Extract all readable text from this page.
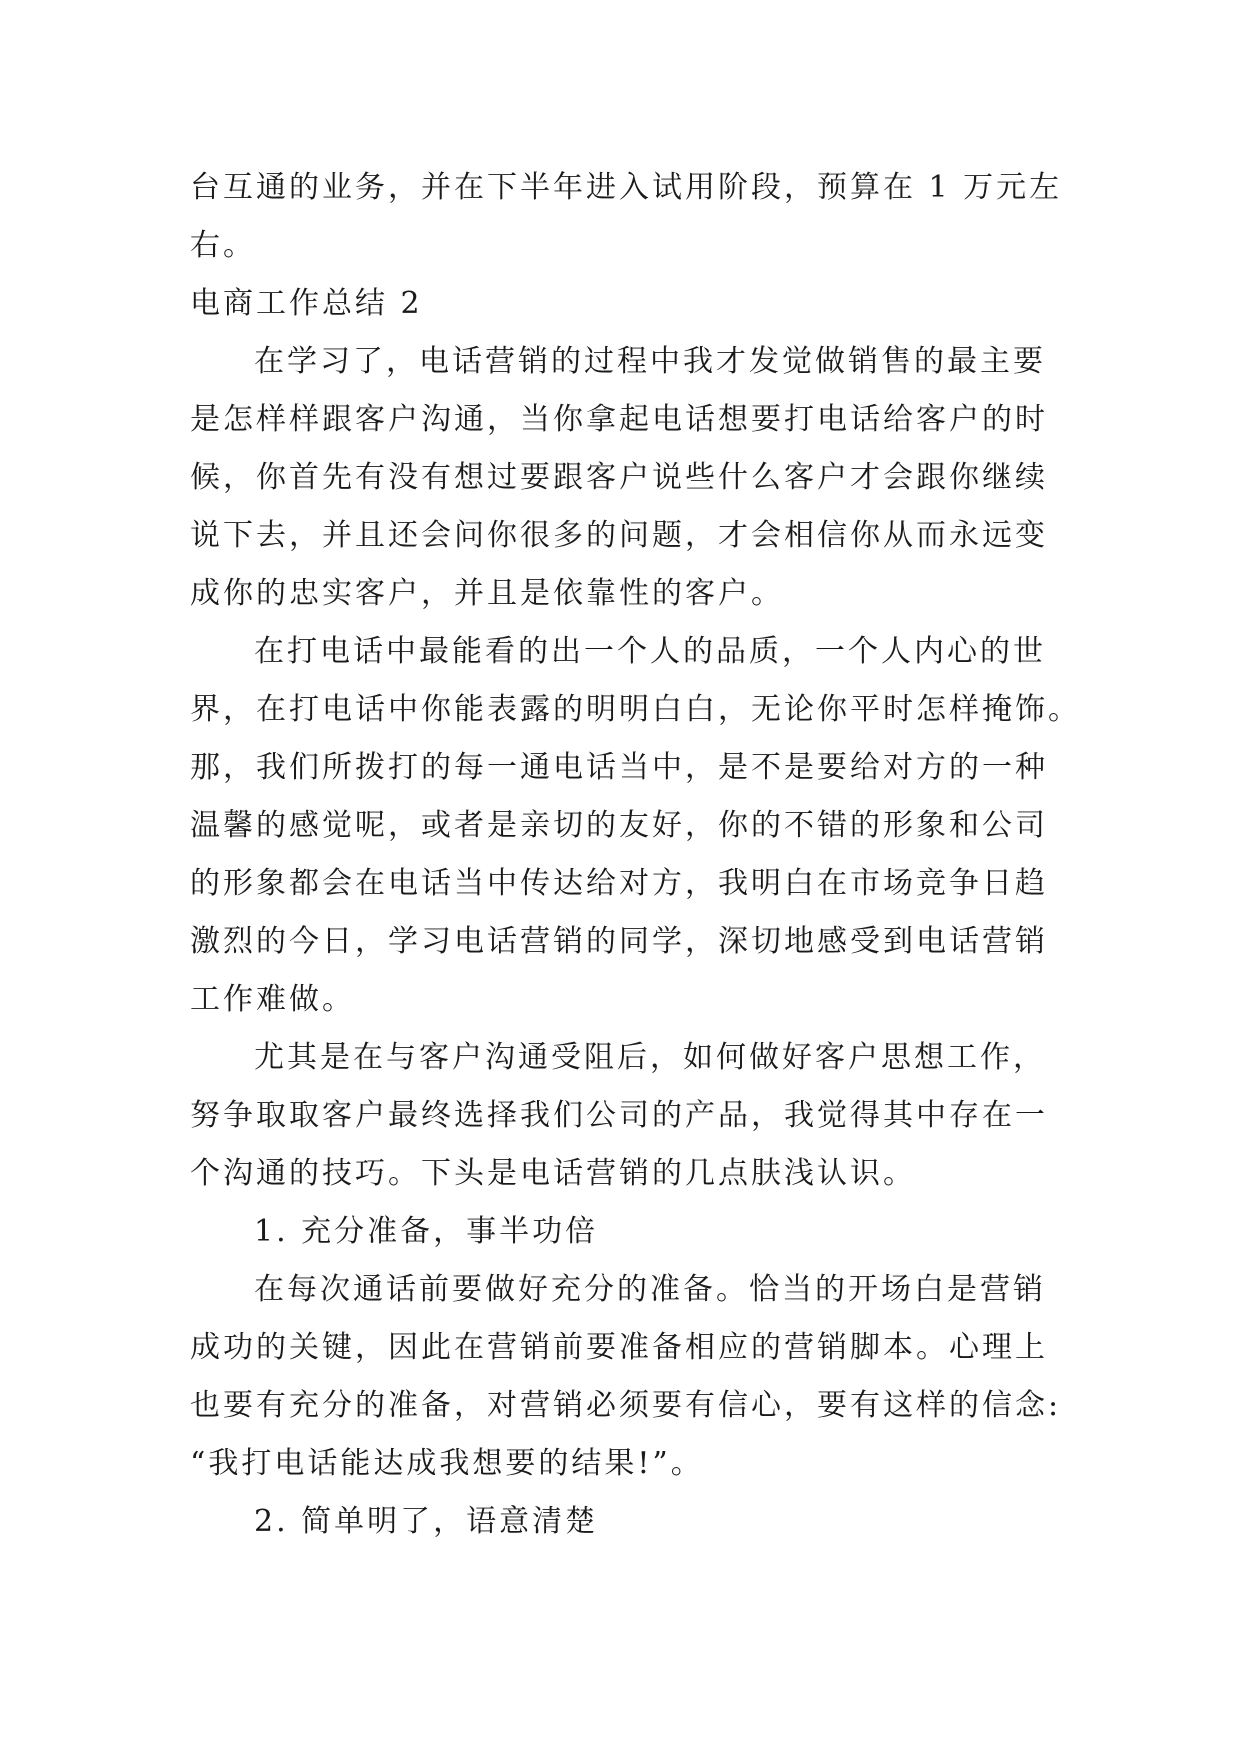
台互通的业务，并在下半年进入试用阶段，预算在 1 万元左
右。
电商工作总结 2
在学习了，电话营销的过程中我才发觉做销售的最主要
是怎样样跟客户沟通，当你拿起电话想要打电话给客户的时
候，你首先有没有想过要跟客户说些什么客户才会跟你继续
说下去，并且还会问你很多的问题，才会相信你从而永远变
成你的忠实客户，并且是依靠性的客户。
在打电话中最能看的出一个人的品质，一个人内心的世
界，在打电话中你能表露的明明白白，无论你平时怎样掩饰。
那，我们所拨打的每一通电话当中，是不是要给对方的一种
温馨的感觉呢，或者是亲切的友好，你的不错的形象和公司
的形象都会在电话当中传达给对方，我明白在市场竞争日趋
激烈的今日，学习电话营销的同学，深切地感受到电话营销
工作难做。
尤其是在与客户沟通受阻后，如何做好客户思想工作，
努争取取客户最终选择我们公司的产品，我觉得其中存在一
个沟通的技巧。下头是电话营销的几点肤浅认识。
1. 充分准备，事半功倍
在每次通话前要做好充分的准备。恰当的开场白是营销
成功的关键，因此在营销前要准备相应的营销脚本。心理上
也要有充分的准备，对营销必须要有信心，要有这样的信念:
“我打电话能达成我想要的结果!”。
2. 简单明了，语意清楚
